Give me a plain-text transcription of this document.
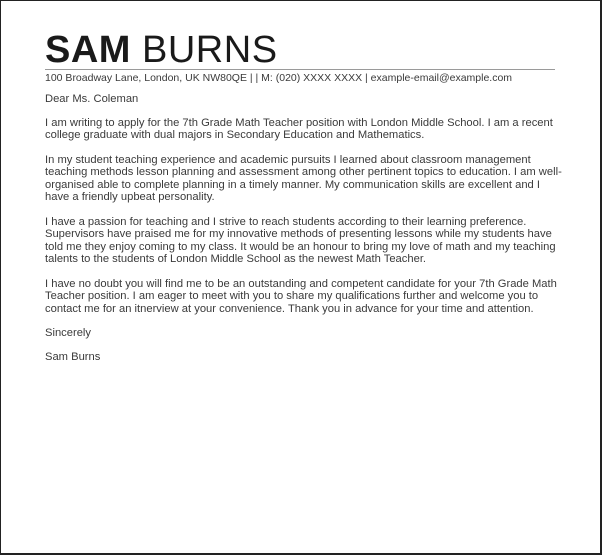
SAM BURNS
100 Broadway Lane, London, UK NW80QE | | M: (020) XXXX XXXX | example-email@example.com

Dear Ms. Coleman

I am writing to apply for the 7th Grade Math Teacher position with London Middle School. I am a recent college graduate with dual majors in Secondary Education and Mathematics.

In my student teaching experience and academic pursuits I learned about classroom management teaching methods lesson planning and assessment among other pertinent topics to education. I am well-organised able to complete planning in a timely manner. My communication skills are excellent and I have a friendly upbeat personality.

I have a passion for teaching and I strive to reach students according to their learning preference. Supervisors have praised me for my innovative methods of presenting lessons while my students have told me they enjoy coming to my class. It would be an honour to bring my love of math and my teaching talents to the students of London Middle School as the newest Math Teacher.

I have no doubt you will find me to be an outstanding and competent candidate for your 7th Grade Math Teacher position. I am eager to meet with you to share my qualifications further and welcome you to contact me for an itnerview at your convenience. Thank you in advance for your time and attention.

Sincerely

Sam Burns
